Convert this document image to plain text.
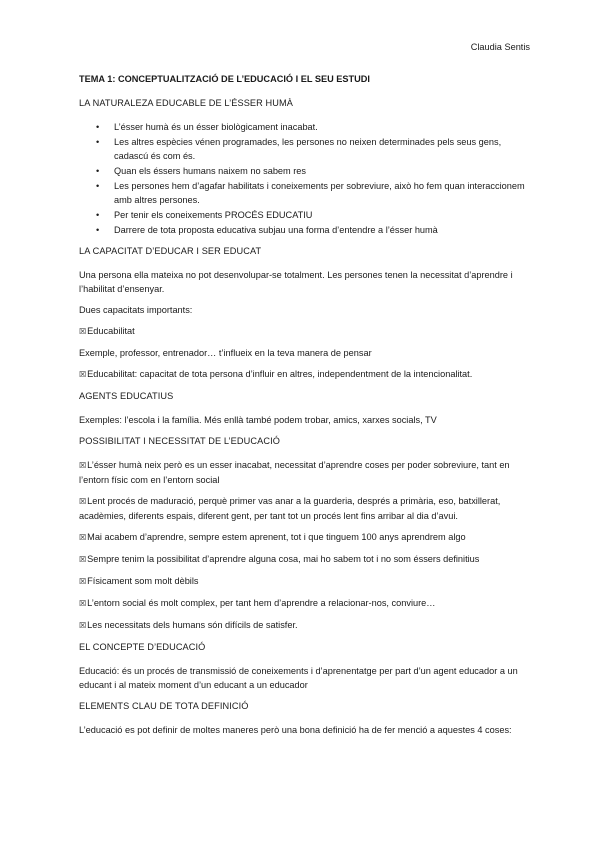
Claudia Sentis
TEMA 1: CONCEPTUALITZACIÓ DE L’EDUCACIÓ I EL SEU ESTUDI
LA NATURALEZA EDUCABLE DE L’ÉSSER HUMÀ
• L’ésser humà és un ésser biològicament inacabat.
• Les altres espècies vénen programades, les persones no neixen determinades pels seus gens, cadascú és com és.
• Quan els éssers humans naixem no sabem res
• Les persones hem d’agafar habilitats i coneixements per sobreviure, això ho fem quan interaccionem amb altres persones.
• Per tenir els coneixements PROCÉS EDUCATIU
• Darrere de tota proposta educativa subjau una forma d’entendre a l’ésser humà
LA CAPACITAT D’EDUCAR I SER EDUCAT
Una persona ella mateixa no pot desenvolupar-se totalment. Les persones tenen la necessitat d’aprendre i l’habilitat d’ensenyar.
Dues capacitats importants:
☒Educabilitat
Exemple, professor, entrenador… t’influeix en la teva manera de pensar
☒Educabilitat: capacitat de tota persona d’influir en altres, independentment de la intencionalitat.
AGENTS EDUCATIUS
Exemples: l’escola i la família. Més enllà també podem trobar, amics, xarxes socials, TV
POSSIBILITAT I NECESSITAT DE L’EDUCACIÓ
☒L’ésser humà neix però es un esser inacabat, necessitat d’aprendre coses per poder sobreviure, tant en l’entorn físic com en l’entorn social
☒Lent procés de maduració, perquè primer vas anar a la guarderia, després a primària, eso, batxillerat, acadèmies, diferents espais, diferent gent, per tant tot un procés lent fins arribar al dia d’avui.
☒Mai acabem d’aprendre, sempre estem aprenent, tot i que tinguem 100 anys aprendrem algo
☒Sempre tenim la possibilitat d’aprendre alguna cosa, mai ho sabem tot i no som éssers definitius
☒Físicament som molt dèbils
☒L’entorn social és molt complex, per tant hem d’aprendre a relacionar-nos, conviure…
☒Les necessitats dels humans són difícils de satisfer.
EL CONCEPTE D’EDUCACIÓ
Educació: és un procés de transmissió de coneixements i d’aprenentatge per part d’un agent educador a un educant i al mateix moment d’un educant a un educador
ELEMENTS CLAU DE TOTA DEFINICIÓ
L’educació es pot definir de moltes maneres però una bona definició ha de fer menció a aquestes 4 coses:
